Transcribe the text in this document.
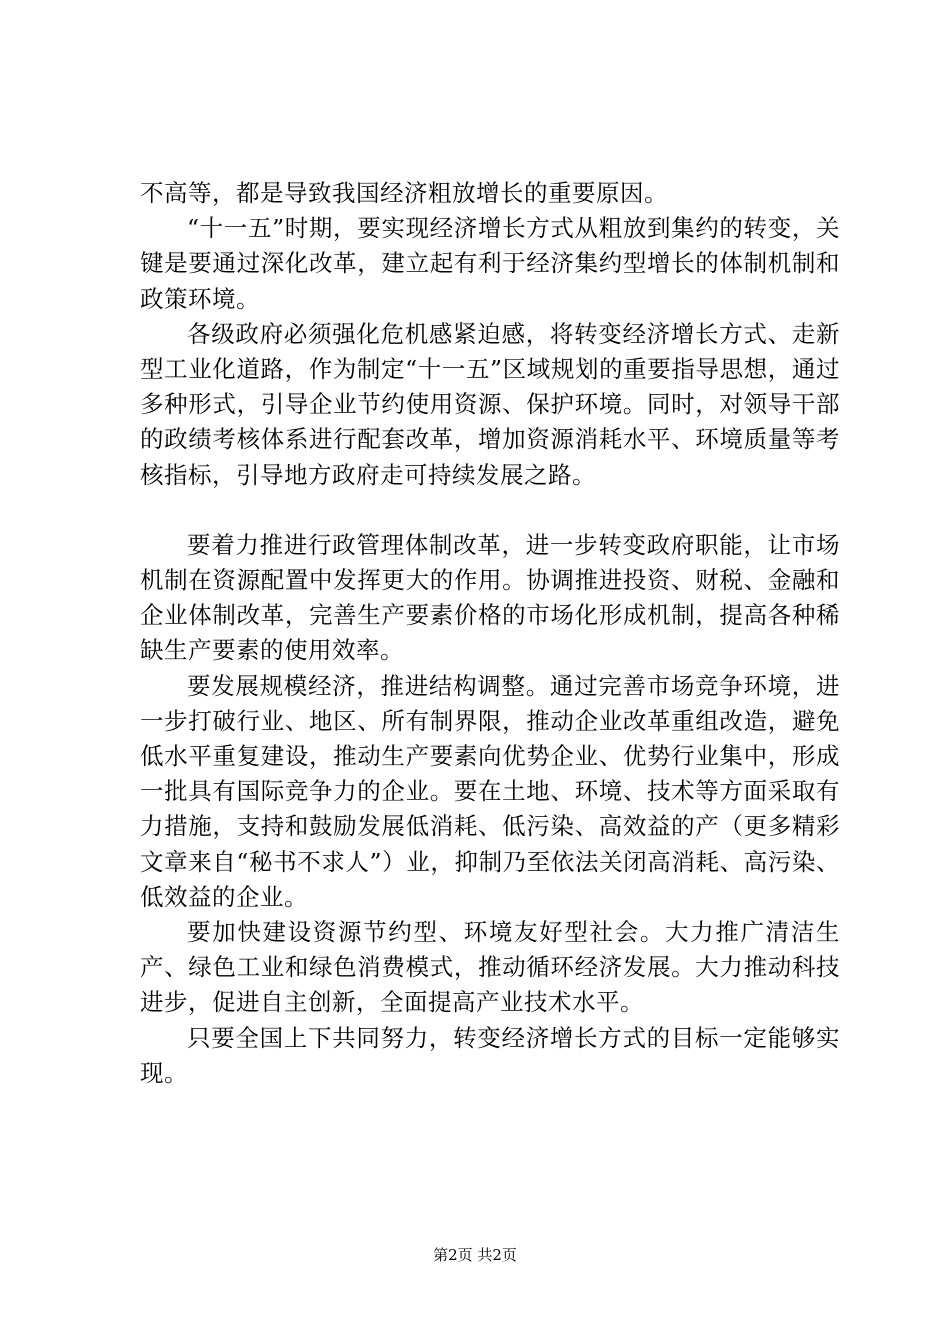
不高等，都是导致我国经济粗放增长的重要原因。

“十一五”时期，要实现经济增长方式从粗放到集约的转变，关键是要通过深化改革，建立起有利于经济集约型增长的体制机制和政策环境。

各级政府必须强化危机感紧迫感，将转变经济增长方式、走新型工业化道路，作为制定“十一五”区域规划的重要指导思想，通过多种形式，引导企业节约使用资源、保护环境。同时，对领导干部的政绩考核体系进行配套改革，增加资源消耗水平、环境质量等考核指标，引导地方政府走可持续发展之路。

要着力推进行政管理体制改革，进一步转变政府职能，让市场机制在资源配置中发挥更大的作用。协调推进投资、财税、金融和企业体制改革，完善生产要素价格的市场化形成机制，提高各种稀缺生产要素的使用效率。

要发展规模经济，推进结构调整。通过完善市场竞争环境，进一步打破行业、地区、所有制界限，推动企业改革重组改造，避免低水平重复建设，推动生产要素向优势企业、优势行业集中，形成一批具有国际竞争力的企业。要在土地、环境、技术等方面采取有力措施，支持和鼓励发展低消耗、低污染、高效益的产（更多精彩文章来自“秘书不求人”）业，抑制乃至依法关闭高消耗、高污染、低效益的企业。

要加快建设资源节约型、环境友好型社会。大力推广清洁生产、绿色工业和绿色消费模式，推动循环经济发展。大力推动科技进步，促进自主创新，全面提高产业技术水平。

只要全国上下共同努力，转变经济增长方式的目标一定能够实现。

第2页 共2页
